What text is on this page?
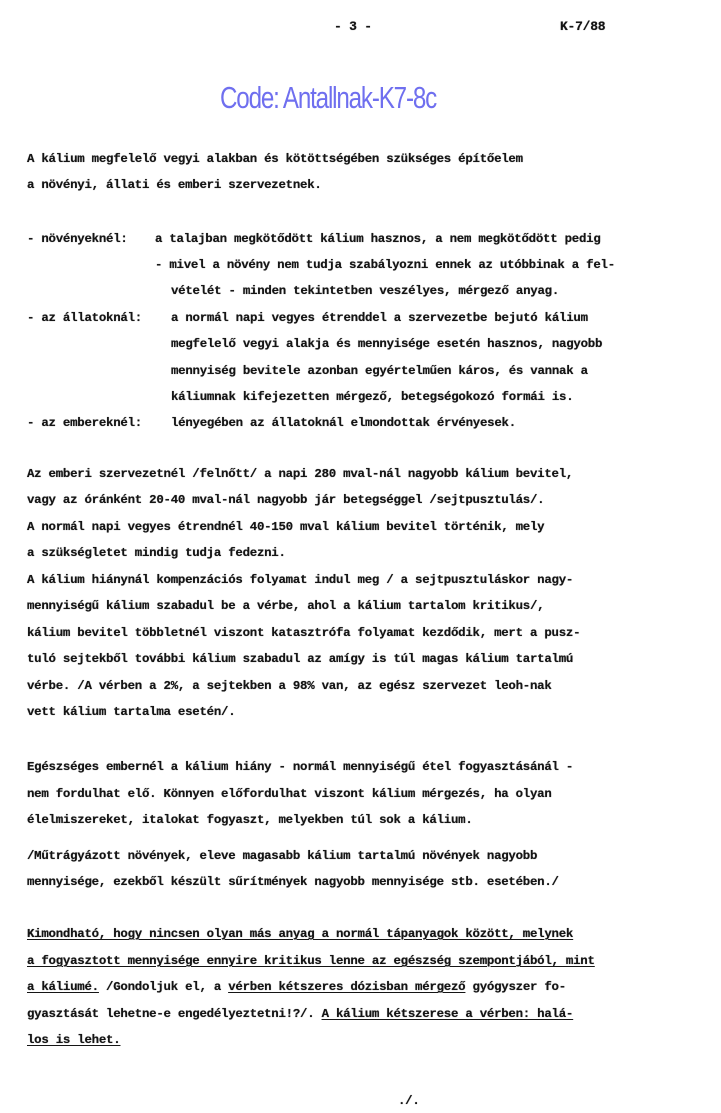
- 3 -	K-7/88
Code: Antallnak-K7-8c
A kálium megfelelő vegyi alakban és kötöttségében szükséges építőelem
a növényi, állati és emberi szervezetnek.
- növényeknél: a talajban megkötődött kálium hasznos, a nem megkötődött pedig
- mivel a növény nem tudja szabályozni ennek az utóbbinak a fel-
vételét - minden tekintetben veszélyes, mérgező anyag.
- az állatoknál: a normál napi vegyes étrenddel a szervezetbe bejutó kálium
megfelelő vegyi alakja és mennyisége esetén hasznos, nagyobb
mennyiség bevitele azonban egyértelműen káros, és vannak a
káliumnak kifejezetten mérgező, betegségokozó formái is.
- az embereknél: lényegében az állatoknál elmondottak érvényesek.
Az emberi szervezetnél /felnőtt/ a napi 280 mval-nál nagyobb kálium bevitel,
vagy az óránként 20-40 mval-nál nagyobb jár betegséggel /sejtpusztulás/.
A normál napi vegyes étrendnél 40-150 mval kálium bevitel történik, mely
a szükségletet mindig tudja fedezni.
A kálium hiánynál kompenzációs folyamat indul meg / a sejtpusztuláskor nagy-
mennyiségű kálium szabadul be a vérbe, ahol a kálium tartalom kritikus/,
kálium bevitel többletnél viszont katasztrófa folyamat kezdődik, mert a pusz-
tuló sejtekből további kálium szabadul az amígy is túl magas kálium tartalmú
vérbe. /A vérben a 2%, a sejtekben a 98% van, az egész szervezet leoh-nak
vett kálium tartalma esetén/.
Egészséges embernél a kálium hiány - normál mennyiségű étel fogyasztásánál -
nem fordulhat elő. Könnyen előfordulhat viszont kálium mérgezés, ha olyan
élelmiszereket, italokat fogyaszt, melyekben túl sok a kálium.
/Műtrágyázott növények, eleve magasabb kálium tartalmú növények nagyobb
mennyisége, ezekből készült sűrítmények nagyobb mennyisége stb. esetében./
Kimondható, hogy nincsen olyan más anyag a normál tápanyagok között, melynek
a fogyasztott mennyisége ennyire kritikus lenne az egészség szempontjából, mint
a káliumé. /Gondoljuk el, a vérben kétszeres dózisban mérgező gyógyszer fo-
gyasztását lehetne-e engedélyeztetni!?/. A kálium kétszerese a vérben: halá-
los is lehet.
./.
